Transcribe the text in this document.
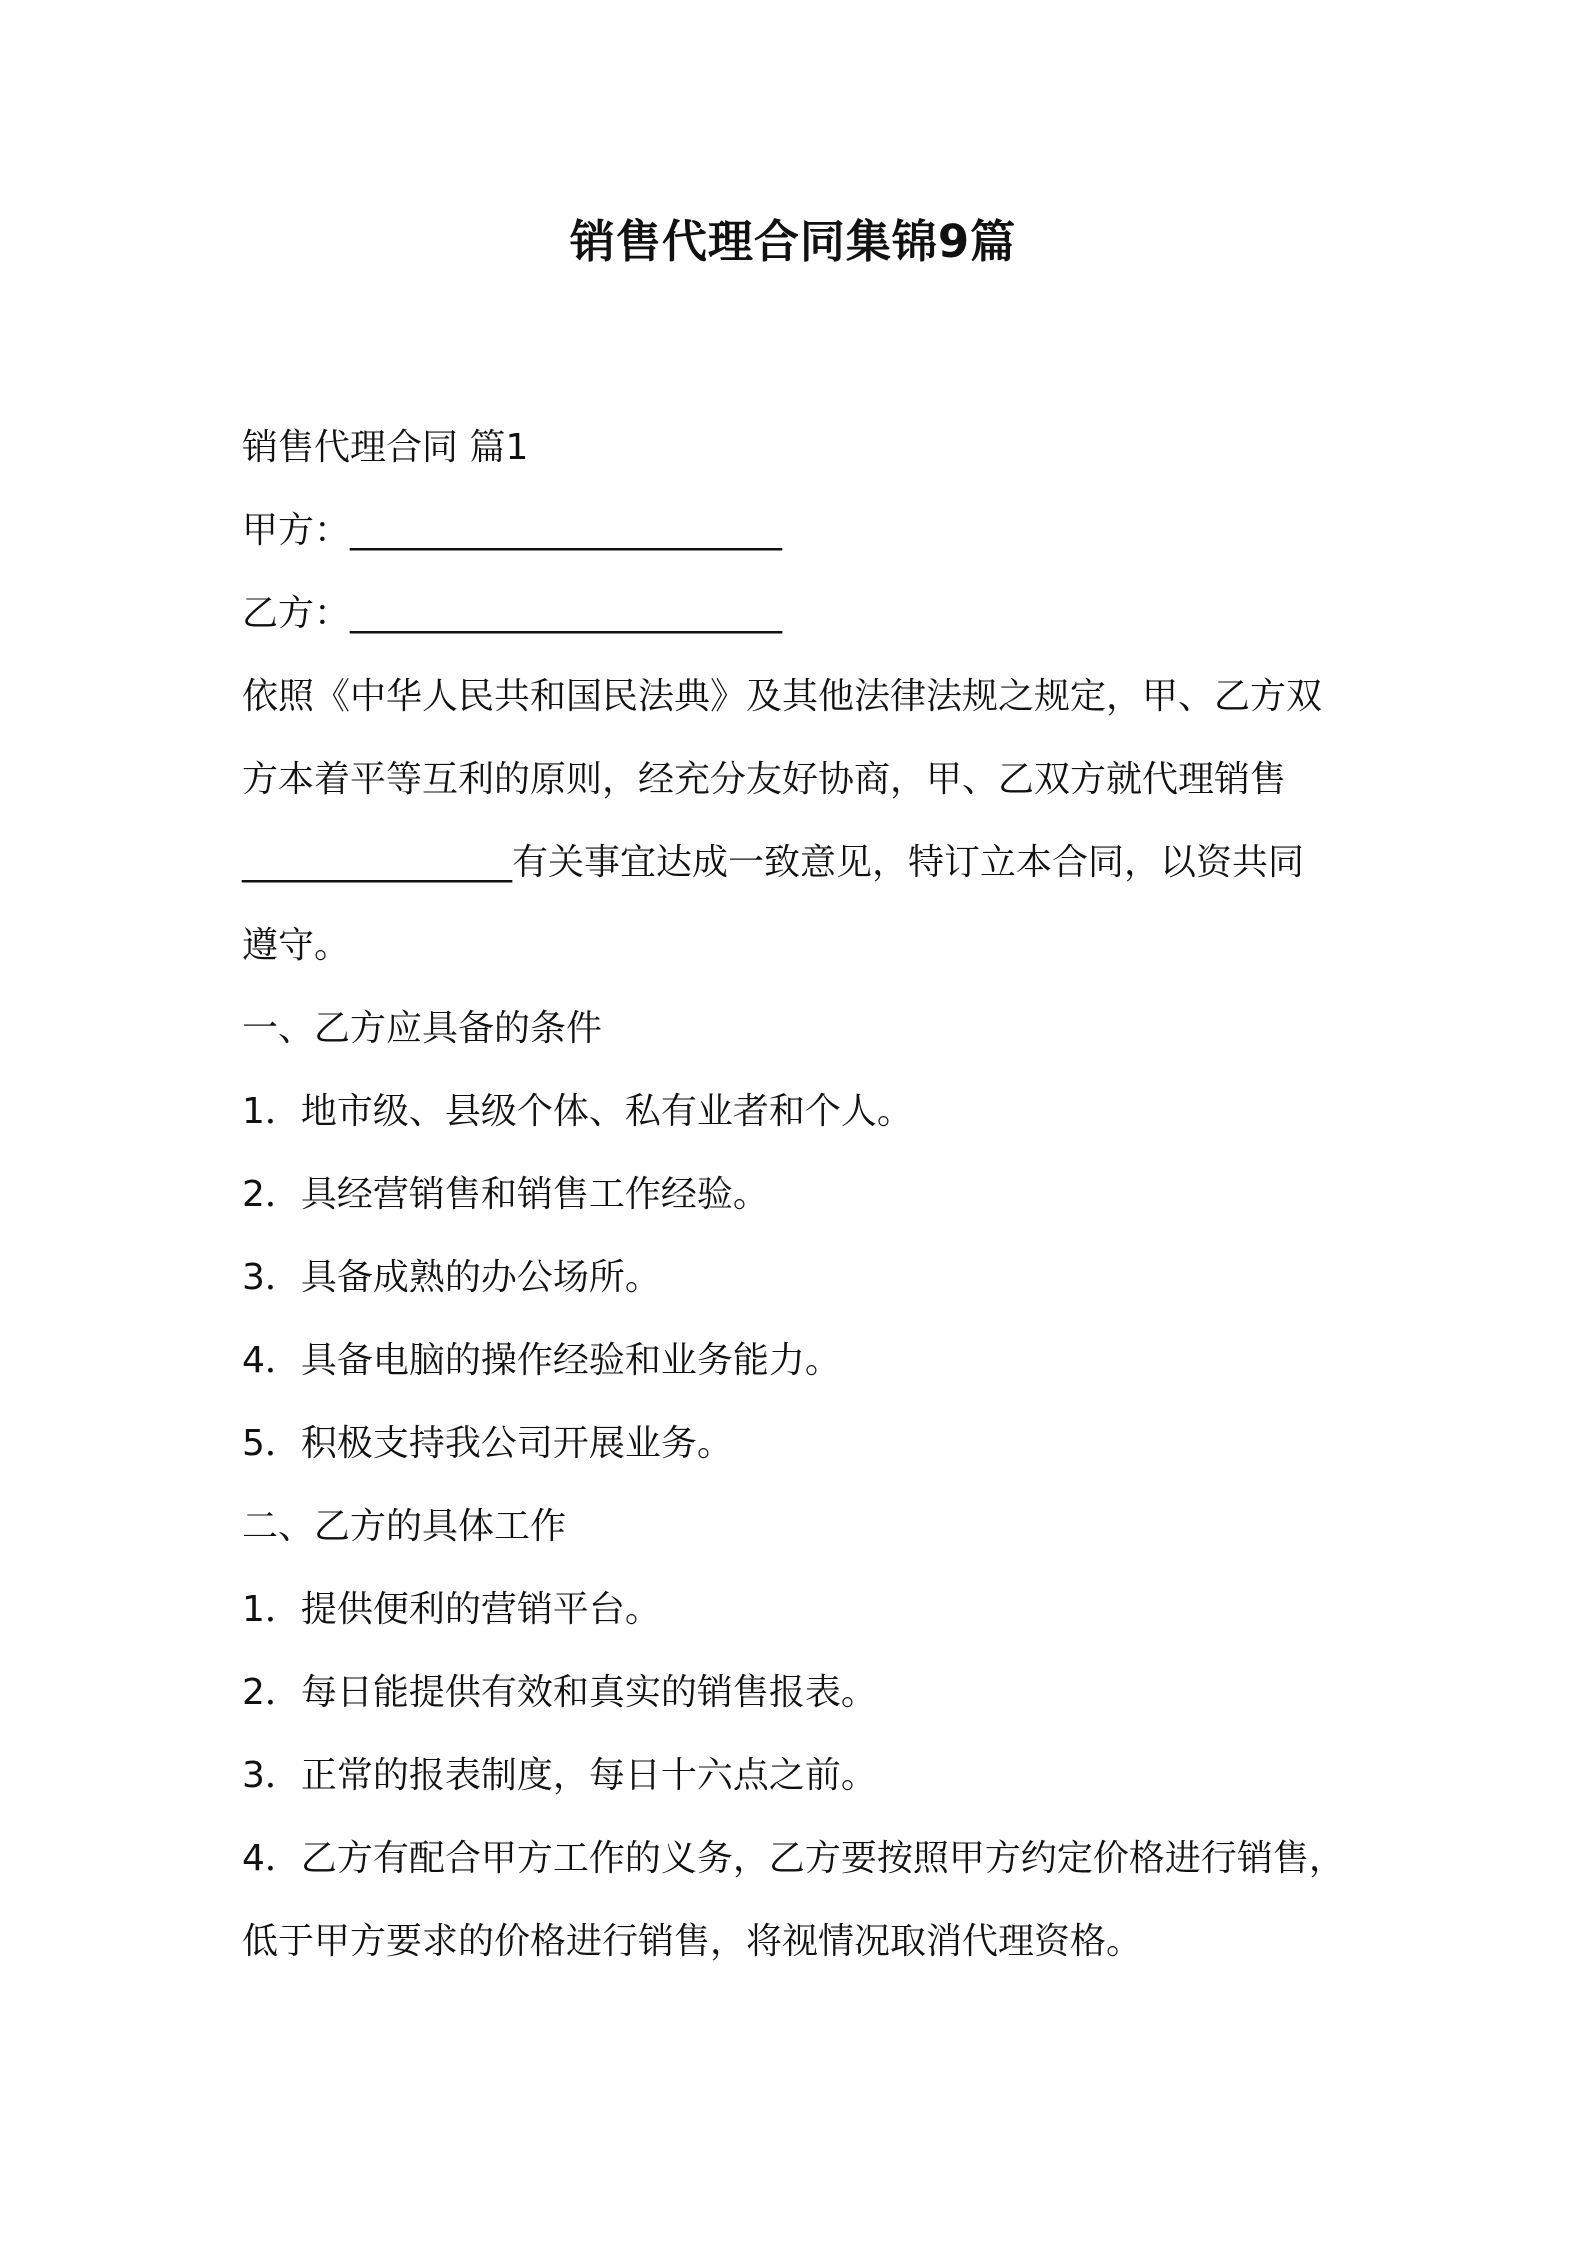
销售代理合同集锦9篇
销售代理合同 篇1
甲方：________________________
乙方：________________________
依照《中华人民共和国民法典》及其他法律法规之规定，甲、乙方双
方本着平等互利的原则，经充分友好协商，甲、乙双方就代理销售
_______________有关事宜达成一致意见，特订立本合同，以资共同
遵守。
一、乙方应具备的条件
1．地市级、县级个体、私有业者和个人。
2．具经营销售和销售工作经验。
3．具备成熟的办公场所。
4．具备电脑的操作经验和业务能力。
5．积极支持我公司开展业务。
二、乙方的具体工作
1．提供便利的营销平台。
2．每日能提供有效和真实的销售报表。
3．正常的报表制度，每日十六点之前。
4．乙方有配合甲方工作的义务，乙方要按照甲方约定价格进行销售，
低于甲方要求的价格进行销售，将视情况取消代理资格。
